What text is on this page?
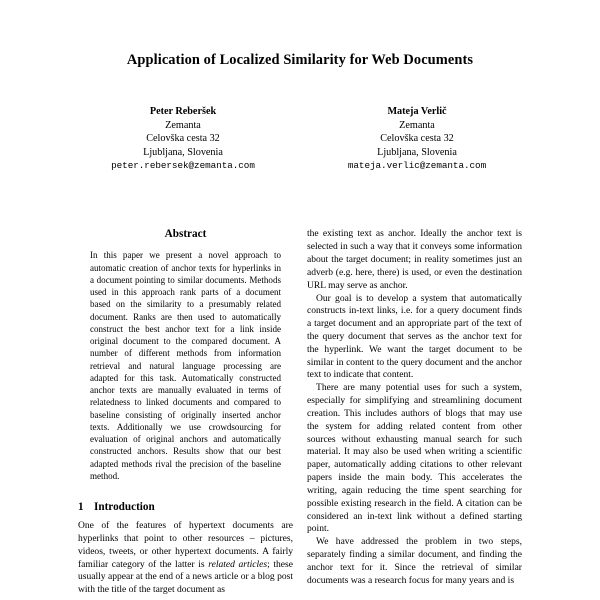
Application of Localized Similarity for Web Documents
Peter Reberšek
Zemanta
Celovška cesta 32
Ljubljana, Slovenia
peter.rebersek@zemanta.com
Mateja Verlič
Zemanta
Celovška cesta 32
Ljubljana, Slovenia
mateja.verlic@zemanta.com
Abstract

In this paper we present a novel approach to automatic creation of anchor texts for hyperlinks in a document pointing to similar documents. Methods used in this approach rank parts of a document based on the similarity to a presumably related document. Ranks are then used to automatically construct the best anchor text for a link inside original document to the compared document. A number of different methods from information retrieval and natural language processing are adapted for this task. Automatically constructed anchor texts are manually evaluated in terms of relatedness to linked documents and compared to baseline consisting of originally inserted anchor texts. Additionally we use crowdsourcing for evaluation of original anchors and automatically constructed anchors. Results show that our best adapted methods rival the precision of the baseline method.

1 Introduction

One of the features of hypertext documents are hyperlinks that point to other resources – pictures, videos, tweets, or other hypertext documents. A fairly familiar category of the latter is related articles; these usually appear at the end of a news article or a blog post with the title of the target document as

the existing text as anchor. Ideally the anchor text is selected in such a way that it conveys some information about the target document; in reality sometimes just an adverb (e.g. here, there) is used, or even the destination URL may serve as anchor.

Our goal is to develop a system that automatically constructs in-text links, i.e. for a query document finds a target document and an appropriate part of the text of the query document that serves as the anchor text for the hyperlink. We want the target document to be similar in content to the query document and the anchor text to indicate that content.

There are many potential uses for such a system, especially for simplifying and streamlining document creation. This includes authors of blogs that may use the system for adding related content from other sources without exhausting manual search for such material. It may also be used when writing a scientific paper, automatically adding citations to other relevant papers inside the main body. This accelerates the writing, again reducing the time spent searching for possible existing research in the field. A citation can be considered an in-text link without a defined starting point.

We have addressed the problem in two steps, separately finding a similar document, and finding the anchor text for it. Since the retrieval of similar documents was a research focus for many years and is
